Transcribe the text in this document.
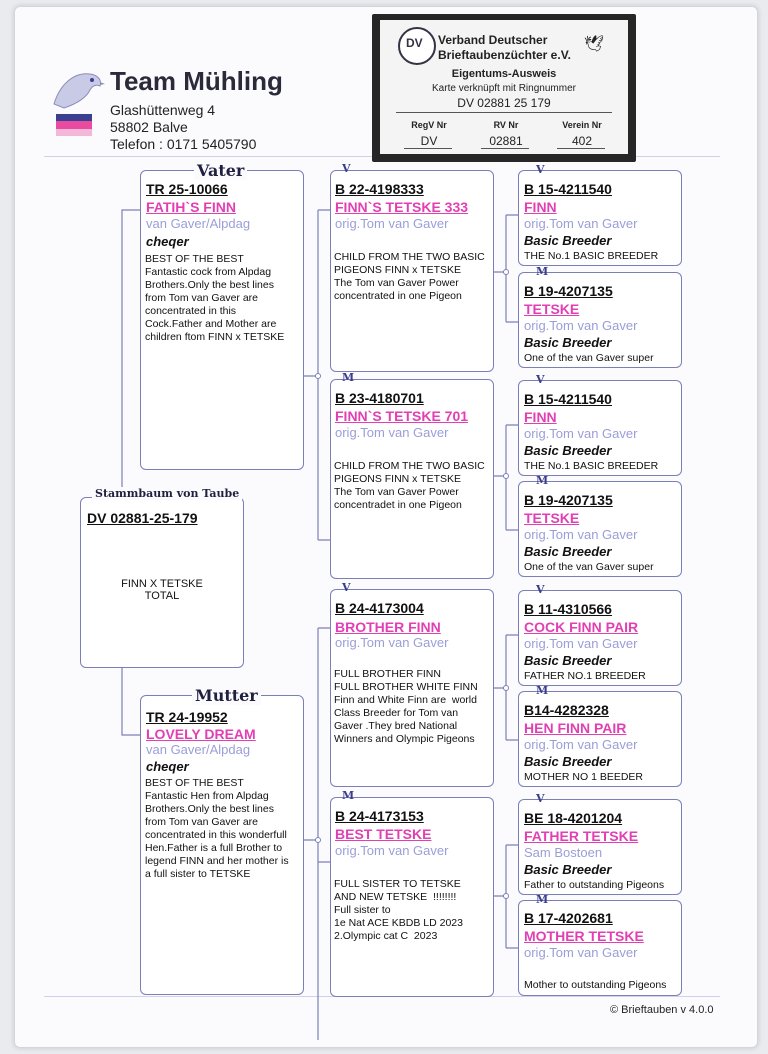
Team Mühling
Glashüttenweg 4
58802 Balve
Telefon : 0171 5405790
DV	🕊
Verband Deutscher
Brieftaubenzüchter e.V.
Eigentums-Ausweis
Karte verknüpft mit Ringnummer
DV 02881 25 179
RegV Nr	RV Nr	Verein Nr
DV	02881	402
DV 02881-25-179
FINN X TETSKE
TOTAL
Stammbaum von Taube
TR 25-10066
FATIH`S FINN
van Gaver/Alpdag
cheqer
BEST OF THE BEST
Fantastic cock from Alpdag
Brothers.Only the best lines
from Tom van Gaver are
concentrated in this
Cock.Father and Mother are
children ftom FINN x TETSKE
Vater
TR 24-19952
LOVELY DREAM
van Gaver/Alpdag
cheqer
BEST OF THE BEST
Fantastic Hen from Alpdag
Brothers.Only the best lines
from Tom van Gaver are
concentrated in this wonderfull
Hen.Father is a full Brother to
legend FINN and her mother is
a full sister to TETSKE
Mutter
B 22-4198333
FINN`S TETSKE 333
orig.Tom van Gaver
CHILD FROM THE TWO BASIC
PIGEONS FINN x TETSKE
The Tom van Gaver Power
concentrated in one Pigeon
V
B 23-4180701
FINN`S TETSKE 701
orig.Tom van Gaver
CHILD FROM THE TWO BASIC
PIGEONS FINN x TETSKE
The Tom van Gaver Power
concentradet in one Pigeon
M
B 24-4173004
BROTHER FINN
orig.Tom van Gaver
FULL BROTHER FINN
FULL BROTHER WHITE FINN
Finn and White Finn are  world
Class Breeder for Tom van
Gaver .They bred National
Winners and Olympic Pigeons
V
B 24-4173153
BEST TETSKE
orig.Tom van Gaver
FULL SISTER TO TETSKE
AND NEW TETSKE  !!!!!!!!
Full sister to
1e Nat ACE KBDB LD 2023
2.Olympic cat C  2023
M
B 15-4211540
FINN
orig.Tom van Gaver
Basic Breeder
THE No.1 BASIC BREEDER
V
B 19-4207135
TETSKE
orig.Tom van Gaver
Basic Breeder
One of the van Gaver super
M
B 15-4211540
FINN
orig.Tom van Gaver
Basic Breeder
THE No.1 BASIC BREEDER
V
B 19-4207135
TETSKE
orig.Tom van Gaver
Basic Breeder
One of the van Gaver super
M
B 11-4310566
COCK FINN PAIR
orig.Tom van Gaver
Basic Breeder
FATHER NO.1 BREEDER
V
B14-4282328
HEN FINN PAIR
orig.Tom van Gaver
Basic Breeder
MOTHER NO 1 BEEDER
M
BE 18-4201204
FATHER TETSKE
Sam Bostoen
Basic Breeder
Father to outstanding Pigeons
V
B 17-4202681
MOTHER TETSKE
orig.Tom van Gaver
Mother to outstanding Pigeons
M
© Brieftauben v 4.0.0
